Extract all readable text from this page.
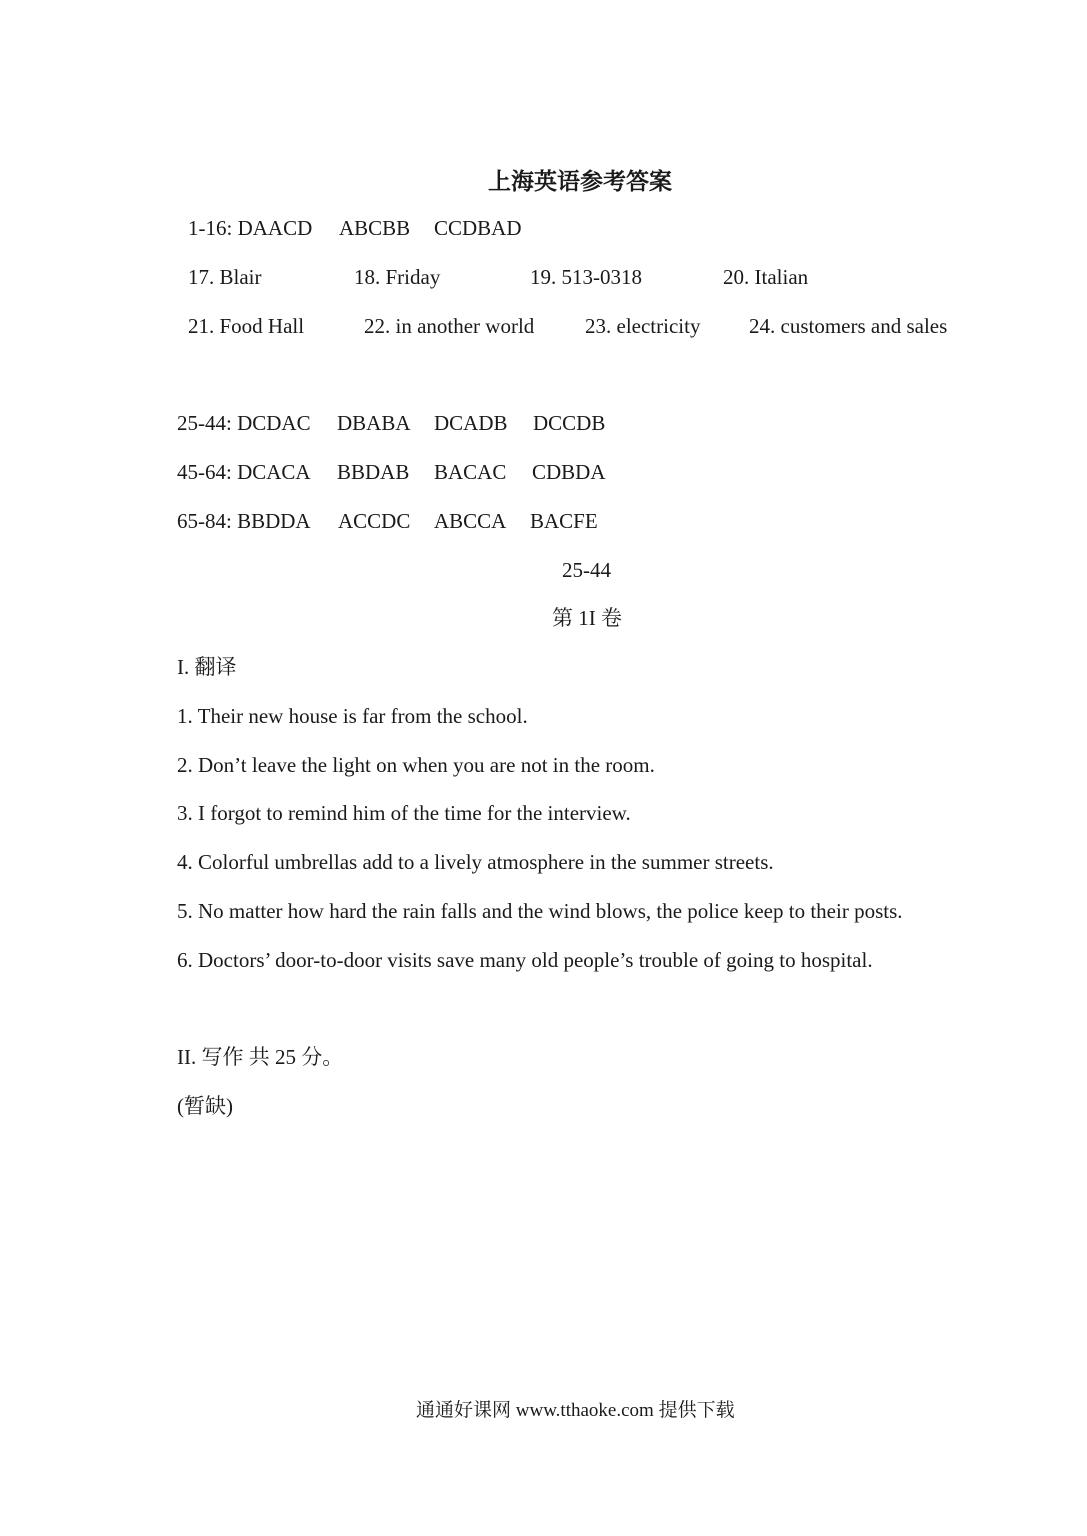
上海英语参考答案
1-16: DAACD ABCBB CCDBAD
17. Blair	18. Friday	19. 513-0318	20. Italian
21. Food Hall	22. in another world 23. electricity 24. customers and sales
25-44: DCDAC DBABA DCADB DCCDB
45-64: DCACA BBDAB BACAC CDBDA
65-84: BBDDA ACCDC ABCCA BACFE
25-44
第 1I 卷
I. 翻译
1. Their new house is far from the school.
2. Don’t leave the light on when you are not in the room.
3. I forgot to remind him of the time for the interview.
4. Colorful umbrellas add to a lively atmosphere in the summer streets.
5. No matter how hard the rain falls and the wind blows, the police keep to their posts.
6. Doctors’ door-to-door visits save many old people’s trouble of going to hospital.
II. 写作 共 25 分。
(暂缺)
通通好课网 www.tthaoke.com 提供下载
